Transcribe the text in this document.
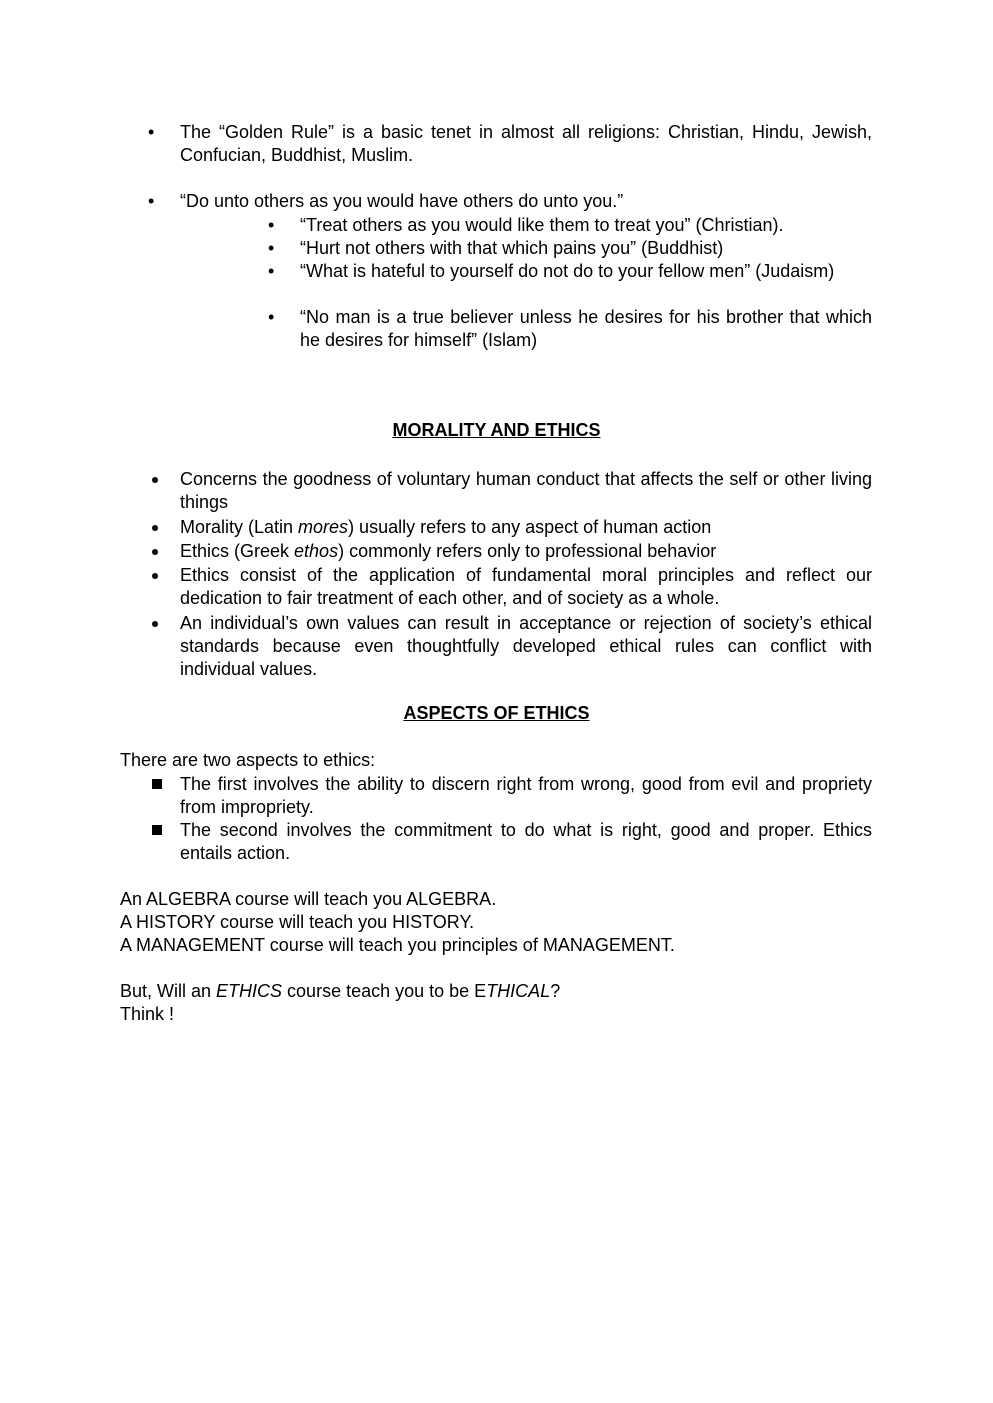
•	The “Golden Rule” is a basic tenet in almost all religions: Christian, Hindu, Jewish, Confucian, Buddhist, Muslim.
•	“Do unto others as you would have others do unto you.”
•	“Treat others as you would like them to treat you” (Christian).
•	“Hurt not others with that which pains you” (Buddhist)
•	“What is hateful to yourself do not do to your fellow men” (Judaism)
•	“No man is a true believer unless he desires for his brother that which he desires for himself” (Islam)
MORALITY AND ETHICS
Concerns the goodness of voluntary human conduct that affects the self or other living things
Morality (Latin mores) usually refers to any aspect of human action
Ethics (Greek ethos) commonly refers only to professional behavior
Ethics consist of the application of fundamental moral principles and reflect our dedication to fair treatment of each other, and of society as a whole.
An individual’s own values can result in acceptance or rejection of society’s ethical standards because even thoughtfully developed ethical rules can conflict with individual values.
ASPECTS OF ETHICS
There are two aspects to ethics:
The first involves the ability to discern right from wrong, good from evil and propriety from impropriety.
The second involves the commitment to do what is right, good and proper. Ethics entails action.
An ALGEBRA course will teach you ALGEBRA.
A HISTORY course will teach you HISTORY.
A MANAGEMENT course will teach you principles of MANAGEMENT.
But, Will an ETHICS course teach you to be ETHICAL?
Think !
